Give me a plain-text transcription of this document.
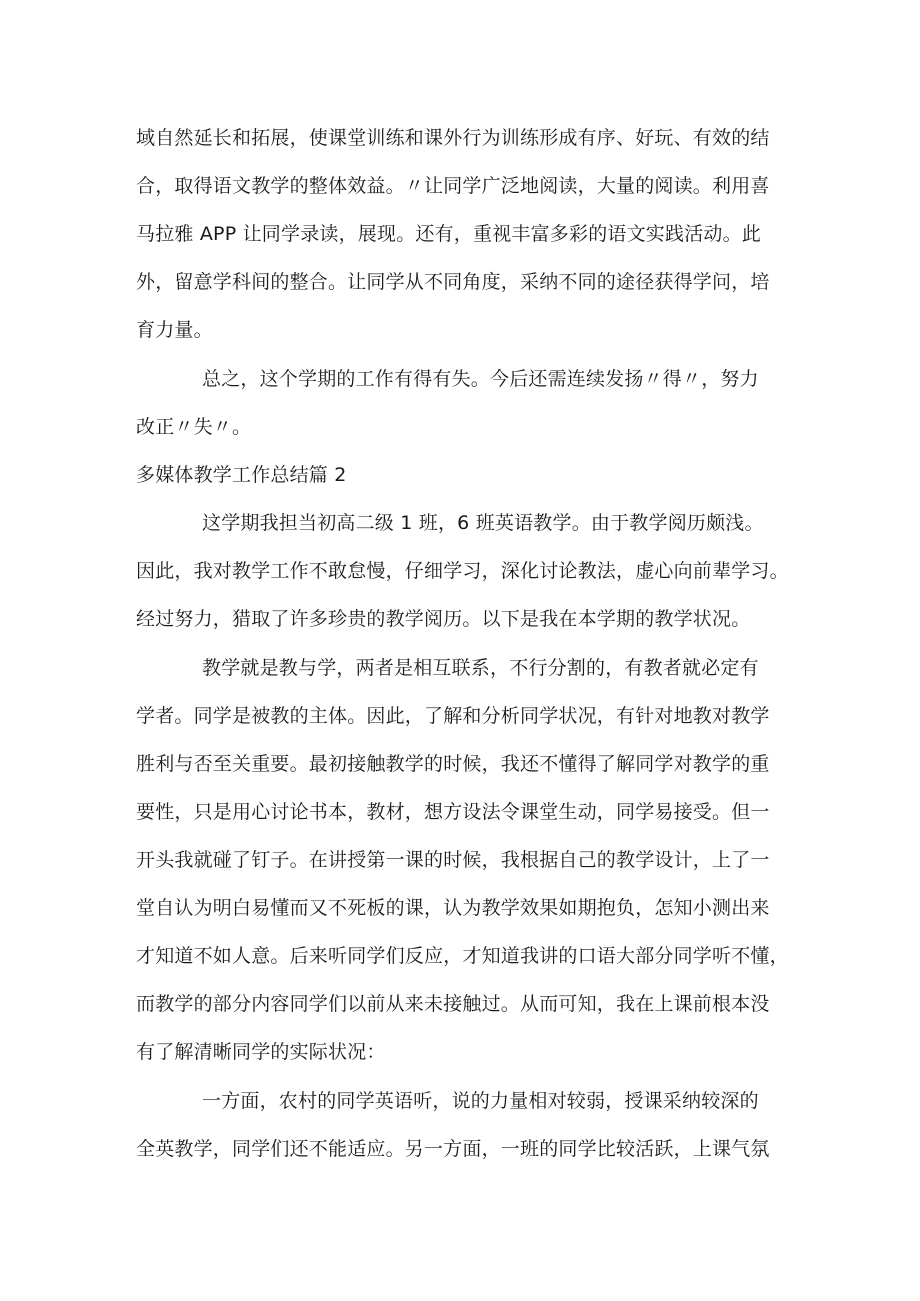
域自然延长和拓展，使课堂训练和课外行为训练形成有序、好玩、有效的结
合，取得语文教学的整体效益。〃让同学广泛地阅读，大量的阅读。利用喜
马拉雅 APP 让同学录读，展现。还有，重视丰富多彩的语文实践活动。此
外，留意学科间的整合。让同学从不同角度，采纳不同的途径获得学问，培
育力量。
总之，这个学期的工作有得有失。今后还需连续发扬〃得〃，努力
改正〃失〃。
多媒体教学工作总结篇 2
这学期我担当初高二级 1 班，6 班英语教学。由于教学阅历颇浅。
因此，我对教学工作不敢怠慢，仔细学习，深化讨论教法，虚心向前辈学习。
经过努力，猎取了许多珍贵的教学阅历。以下是我在本学期的教学状况。
教学就是教与学，两者是相互联系，不行分割的，有教者就必定有
学者。同学是被教的主体。因此，了解和分析同学状况，有针对地教对教学
胜利与否至关重要。最初接触教学的时候，我还不懂得了解同学对教学的重
要性，只是用心讨论书本，教材，想方设法令课堂生动，同学易接受。但一
开头我就碰了钉子。在讲授第一课的时候，我根据自己的教学设计，上了一
堂自认为明白易懂而又不死板的课，认为教学效果如期抱负，怎知小测出来
才知道不如人意。后来听同学们反应，才知道我讲的口语大部分同学听不懂，
而教学的部分内容同学们以前从来未接触过。从而可知，我在上课前根本没
有了解清晰同学的实际状况：
一方面，农村的同学英语听，说的力量相对较弱，授课采纳较深的
全英教学，同学们还不能适应。另一方面，一班的同学比较活跃，上课气氛
